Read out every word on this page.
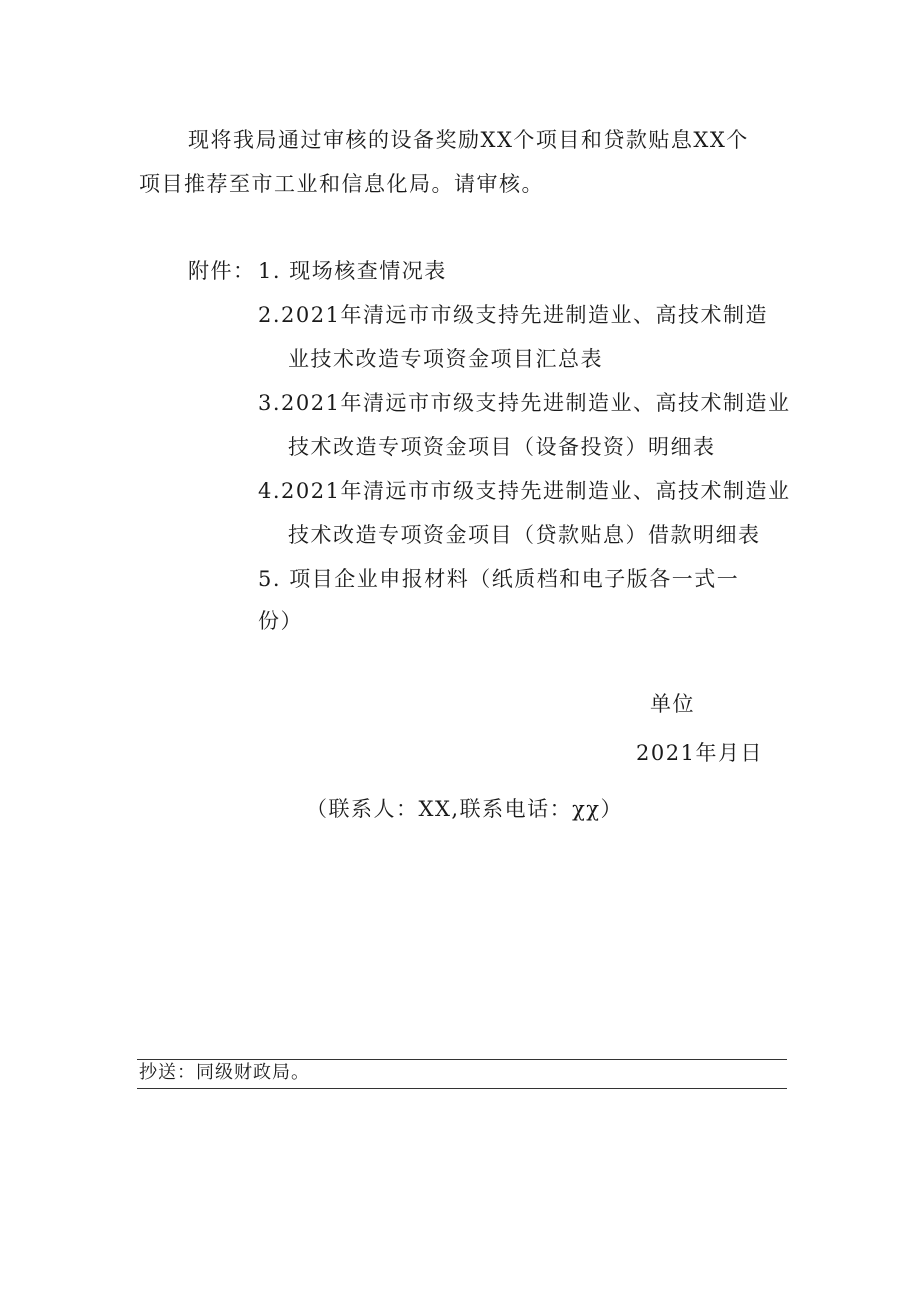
现将我局通过审核的设备奖励XX个项目和贷款贴息XX个
项目推荐至市工业和信息化局。请审核。
附件： 1. 现场核查情况表
2.2021年清远市市级支持先进制造业、高技术制造
业技术改造专项资金项目汇总表
3.2021年清远市市级支持先进制造业、高技术制造业
技术改造专项资金项目（设备投资）明细表
4.2021年清远市市级支持先进制造业、高技术制造业
技术改造专项资金项目（贷款贴息）借款明细表
5. 项目企业申报材料（纸质档和电子版各一式一
份）
单位
2021年月日
（联系人：XX,联系电话：χχ）
抄送：同级财政局。
